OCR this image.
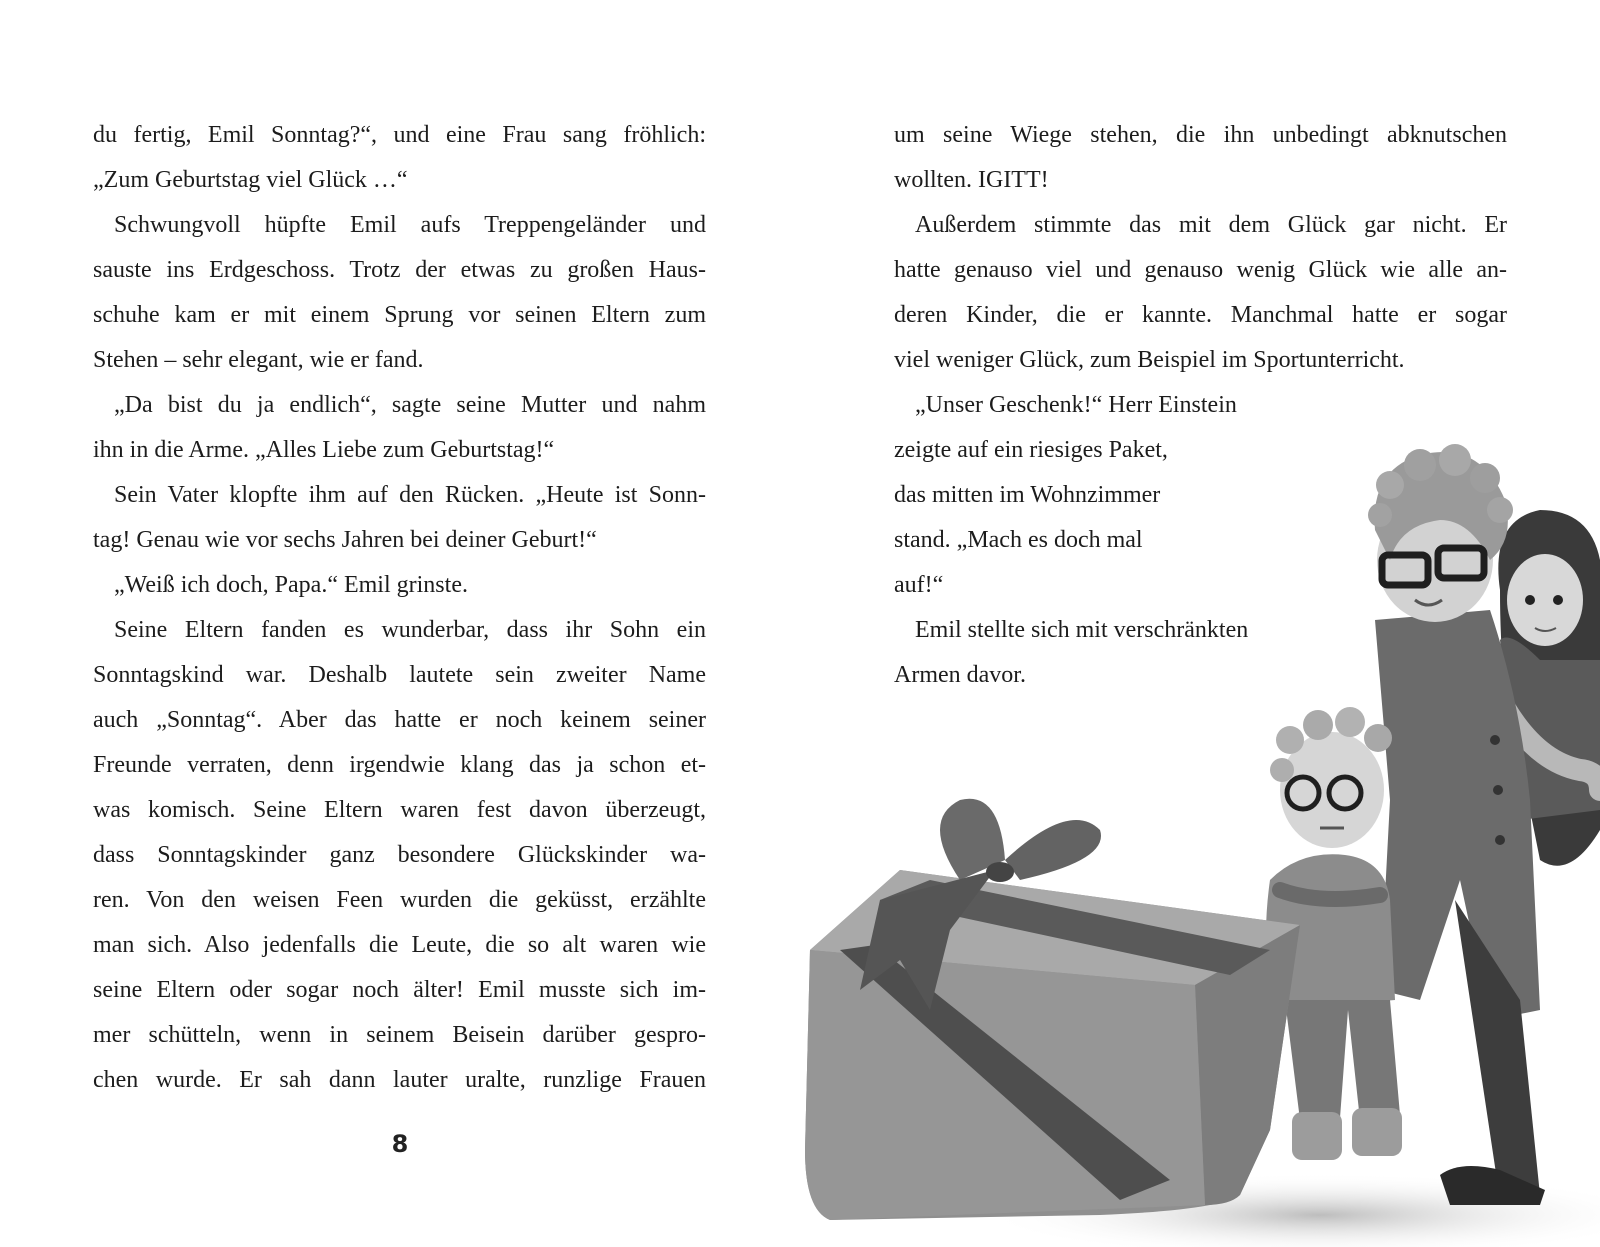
du fertig, Emil Sonntag?“, und eine Frau sang fröhlich:
„Zum Geburtstag viel Glück …“
Schwungvoll hüpfte Emil aufs Treppengeländer und
sauste ins Erdgeschoss. Trotz der etwas zu großen Haus-
schuhe kam er mit einem Sprung vor seinen Eltern zum
Stehen – sehr elegant, wie er fand.
„Da bist du ja endlich“, sagte seine Mutter und nahm
ihn in die Arme. „Alles Liebe zum Geburtstag!“
Sein Vater klopfte ihm auf den Rücken. „Heute ist Sonn-
tag! Genau wie vor sechs Jahren bei deiner Geburt!“
„Weiß ich doch, Papa.“ Emil grinste.
Seine Eltern fanden es wunderbar, dass ihr Sohn ein
Sonntagskind war. Deshalb lautete sein zweiter Name
auch „Sonntag“. Aber das hatte er noch keinem seiner
Freunde verraten, denn irgendwie klang das ja schon et-
was komisch. Seine Eltern waren fest davon überzeugt,
dass Sonntagskinder ganz besondere Glückskinder wa-
ren. Von den weisen Feen wurden die geküsst, erzählte
man sich. Also jedenfalls die Leute, die so alt waren wie
seine Eltern oder sogar noch älter! Emil musste sich im-
mer schütteln, wenn in seinem Beisein darüber gespro-
chen wurde. Er sah dann lauter uralte, runzlige Frauen
8
um seine Wiege stehen, die ihn unbedingt abknutschen
wollten. IGITT!
Außerdem stimmte das mit dem Glück gar nicht. Er
hatte genauso viel und genauso wenig Glück wie alle an-
deren Kinder, die er kannte. Manchmal hatte er sogar
viel weniger Glück, zum Beispiel im Sportunterricht.
„Unser Geschenk!“ Herr Einstein
zeigte auf ein riesiges Paket,
das mitten im Wohnzimmer
stand. „Mach es doch mal
auf!“
Emil stellte sich mit verschränkten
Armen davor.
